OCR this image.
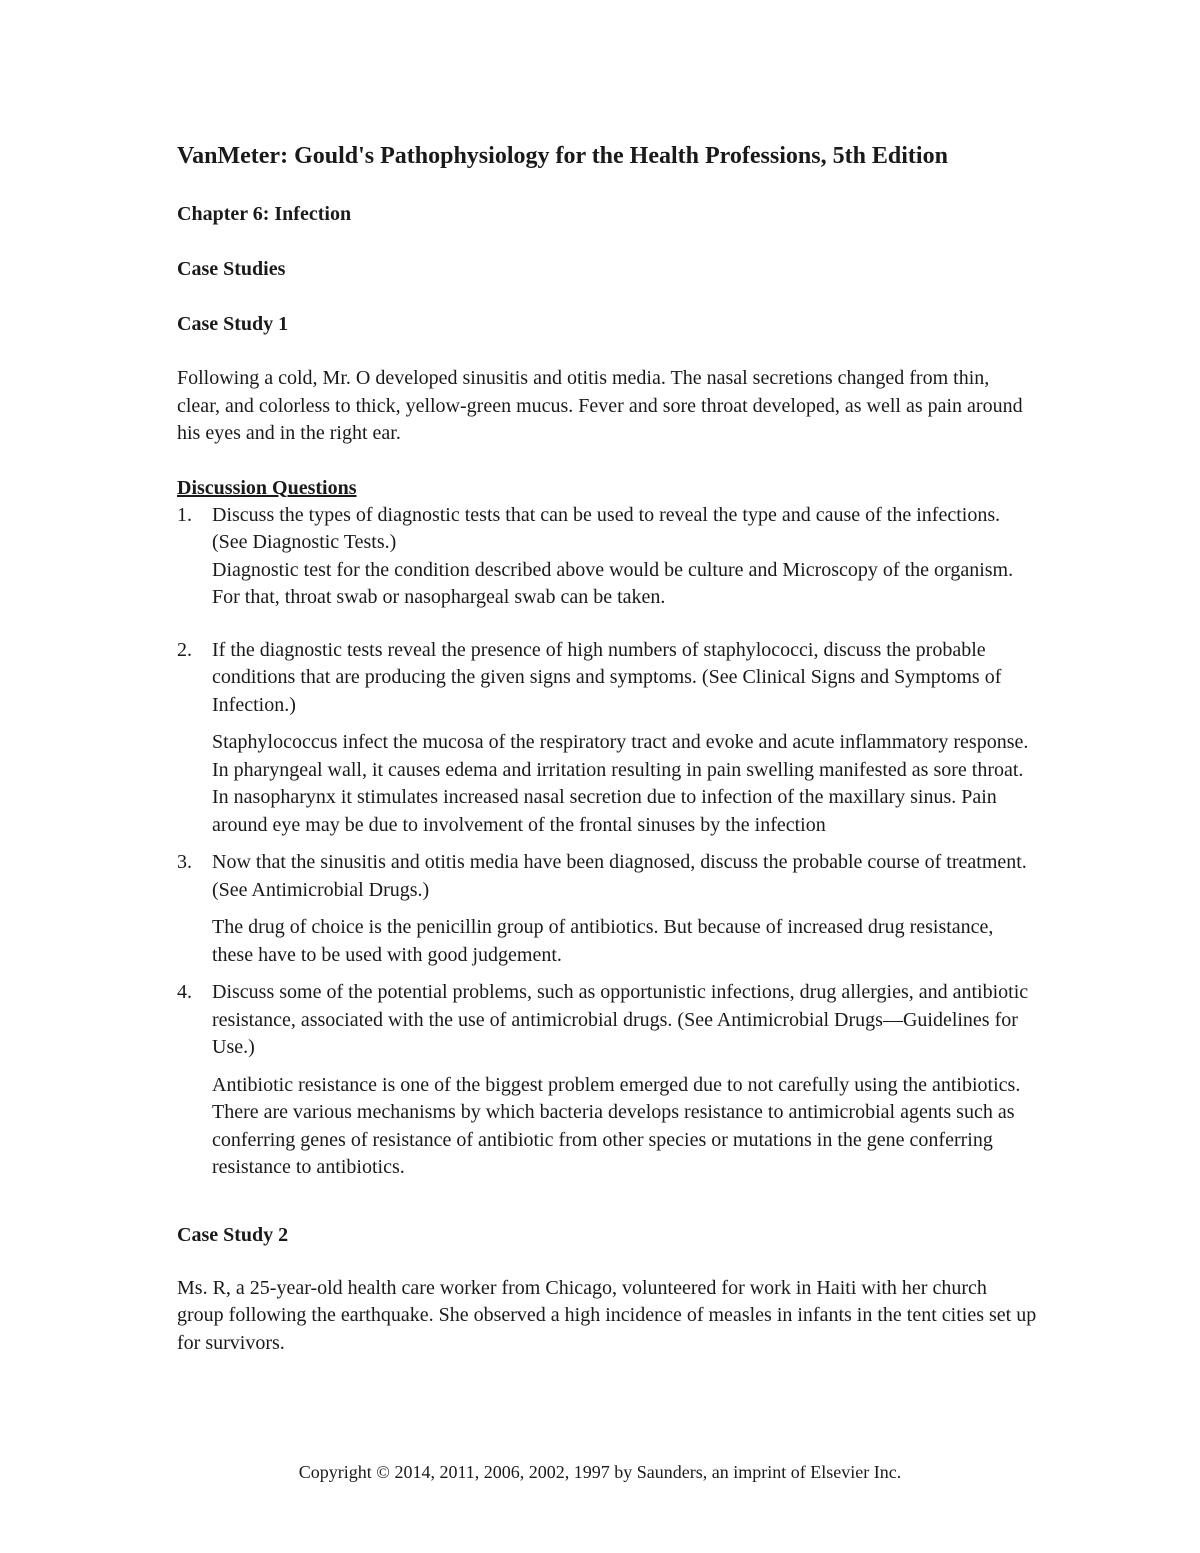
VanMeter: Gould's Pathophysiology for the Health Professions, 5th Edition
Chapter 6: Infection
Case Studies
Case Study 1

Following a cold, Mr. O developed sinusitis and otitis media. The nasal secretions changed from thin, clear, and colorless to thick, yellow-green mucus. Fever and sore throat developed, as well as pain around his eyes and in the right ear.

Discussion Questions
1. Discuss the types of diagnostic tests that can be used to reveal the type and cause of the infections. (See Diagnostic Tests.)
Diagnostic test for the condition described above would be culture and Microscopy of the organism. For that, throat swab or nasophargeal swab can be taken.
2. If the diagnostic tests reveal the presence of high numbers of staphylococci, discuss the probable conditions that are producing the given signs and symptoms. (See Clinical Signs and Symptoms of Infection.)
Staphylococcus infect the mucosa of the respiratory tract and evoke and acute inflammatory response. In pharyngeal wall, it causes edema and irritation resulting in pain swelling manifested as sore throat. In nasopharynx it stimulates increased nasal secretion due to infection of the maxillary sinus. Pain around eye may be due to involvement of the frontal sinuses by the infection
3. Now that the sinusitis and otitis media have been diagnosed, discuss the probable course of treatment. (See Antimicrobial Drugs.)
The drug of choice is the penicillin group of antibiotics. But because of increased drug resistance, these have to be used with good judgement.
4. Discuss some of the potential problems, such as opportunistic infections, drug allergies, and antibiotic resistance, associated with the use of antimicrobial drugs. (See Antimicrobial Drugs—Guidelines for Use.)
Antibiotic resistance is one of the biggest problem emerged due to not carefully using the antibiotics. There are various mechanisms by which bacteria develops resistance to antimicrobial agents such as conferring genes of resistance of antibiotic from other species or mutations in the gene conferring resistance to antibiotics.
Case Study 2

Ms. R, a 25-year-old health care worker from Chicago, volunteered for work in Haiti with her church group following the earthquake. She observed a high incidence of measles in infants in the tent cities set up for survivors.

Copyright © 2014, 2011, 2006, 2002, 1997 by Saunders, an imprint of Elsevier Inc.
